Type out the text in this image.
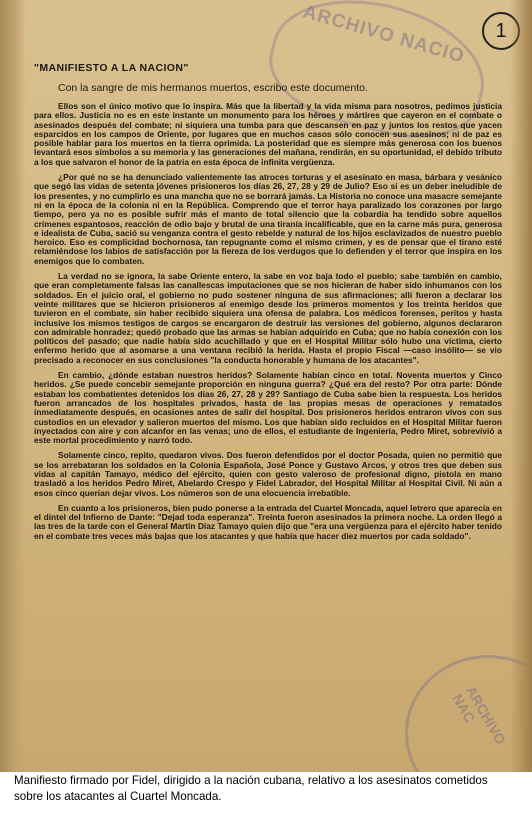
ARCHIVO NACIO	1
ARCHIVO NAC

"MANIFIESTO A LA NACION"

Con la sangre de mis hermanos muertos, escribo este documento.

Ellos son el único motivo que lo inspira. Más que la libertad y la vida misma para nosotros, pedimos justicia para ellos. Justicia no es en este instante un monumento para los héroes y mártires que cayeron en el combate o asesinados después del combate; ni siquiera una tumba para que descansen en paz y juntos los restos que yacen esparcidos en los campos de Oriente, por lugares que en muchos casos sólo conocen sus asesinos; ni de paz es posible hablar para los muertos en la tierra oprimida. La posteridad que es siempre más generosa con los buenos levantará esos símbolos a su memoria y las generaciones del mañana, rendirán, en su oportunidad, el debido tributo a los que salvaron el honor de la patria en esta época de infinita vergüenza.

¿Por qué no se ha denunciado valientemente las atroces torturas y el asesinato en masa, bárbara y vesánico que segó las vidas de setenta jóvenes prisioneros los días 26, 27, 28 y 29 de Julio? Eso sí es un deber ineludible de los presentes, y no cumplirlo es una mancha que no se borrará jamás. La Historia no conoce una masacre semejante ni en la época de la colonia ni en la República. Comprendo que el terror haya paralizado los corazones por largo tiempo, pero ya no es posible sufrir más el manto de total silencio que la cobardía ha tendido sobre aquellos crímenes espantosos, reacción de odio bajo y brutal de una tiranía incalificable, que en la carne más pura, generosa e idealista de Cuba, sació su venganza contra el gesto rebelde y natural de los hijos esclavizados de nuestro pueblo heroico. Eso es complicidad bochornosa, tan repugnante como el mismo crimen, y es de pensar que el tirano esté relamiéndose los labios de satisfacción por la fiereza de los verdugos que lo defienden y el terror que inspira en los enemigos que lo combaten.

La verdad no se ignora, la sabe Oriente entero, la sabe en voz baja todo el pueblo; sabe también en cambio, que eran completamente falsas las canallescas imputaciones que se nos hicieran de haber sido inhumanos con los soldados. En el juicio oral, el gobierno no pudo sostener ninguna de sus afirmaciones; allí fueron a declarar los veinte militares que se hicieron prisioneros al enemigo desde los primeros momentos y los treinta heridos que tuvieron en el combate, sin haber recibido siquiera una ofensa de palabra. Los médicos forenses, peritos y hasta inclusive los mismos testigos de cargos se encargaron de destruir las versiones del gobierno, algunos declararon con admirable honradez; quedó probado que las armas se habían adquirido en Cuba; que no había conexión con los políticos del pasado; que nadie había sido acuchillado y que en el Hospital Militar sólo hubo una víctima, cierto enfermo herido que al asomarse a una ventana recibió la herida. Hasta el propio Fiscal —caso insólito— se vio precisado a reconocer en sus conclusiones "la conducta honorable y humana de los atacantes".

En cambio, ¿dónde estaban nuestros heridos? Solamente habían cinco en total. Noventa muertos y Cinco heridos. ¿Se puede concebir semejante proporción en ninguna guerra? ¿Qué era del resto? Por otra parte: Dónde estaban los combatientes detenidos los días 26, 27, 28 y 29? Santiago de Cuba sabe bien la respuesta. Los heridos fueron arrancados de los hospitales privados, hasta de las propias mesas de operaciones y rematados inmediatamente después, en ocasiones antes de salir del hospital. Dos prisioneros heridos entraron vivos con sus custodios en un elevador y salieron muertos del mismo. Los que habían sido recluidos en el Hospital Militar fueron inyectados con aire y con alcanfor en las venas; uno de ellos, el estudiante de Ingeniería, Pedro Miret, sobrevivió a este mortal procedimiento y narró todo.

Solamente cinco, repito, quedaron vivos. Dos fueron defendidos por el doctor Posada, quien no permitió que se los arrebataran los soldados en la Colonia Española, José Ponce y Gustavo Arcos, y otros tres que deben sus vidas al capitán Tamayo, médico del ejército, quien con gesto valeroso de profesional digno, pistola en mano trasladó a los heridos Pedro Miret, Abelardo Crespo y Fidel Labrador, del Hospital Militar al Hospital Civil. Ni aún a esos cinco querían dejar vivos. Los números son de una elocuencia irrebatible.

En cuanto a los prisioneros, bien pudo ponerse a la entrada del Cuartel Moncada, aquel letrero que aparecía en el dintel del Infierno de Dante: "Dejad toda esperanza". Treinta fueron asesinados la primera noche. La orden llegó a las tres de la tarde con el General Martín Díaz Tamayo quien dijo que "era una vergüenza para el ejército haber tenido en el combate tres veces más bajas que los atacantes y que había que hacer diez muertos por cada soldado".

Manifiesto firmado por Fidel, dirigido a la nación cubana, relativo a los asesinatos cometidos sobre los atacantes al Cuartel Moncada.
